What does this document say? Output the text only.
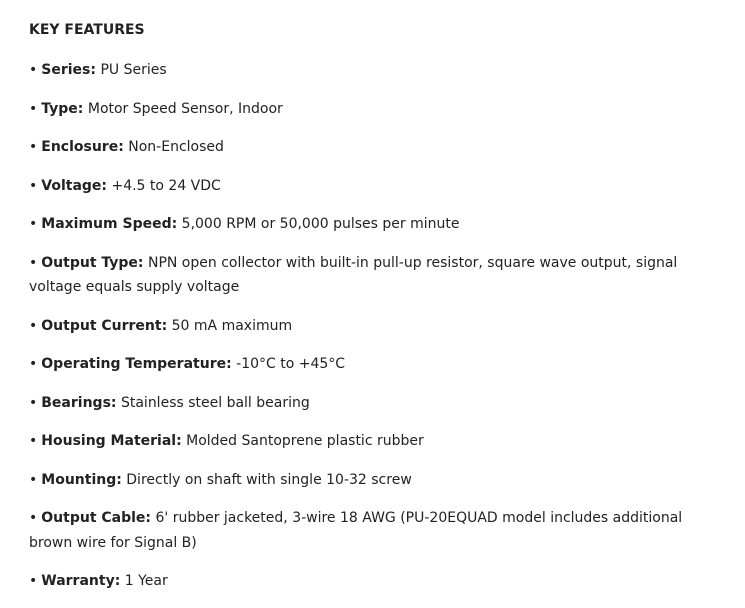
KEY FEATURES
• Series: PU Series
• Type: Motor Speed Sensor, Indoor
• Enclosure: Non-Enclosed
• Voltage: +4.5 to 24 VDC
• Maximum Speed: 5,000 RPM or 50,000 pulses per minute
• Output Type: NPN open collector with built-in pull-up resistor, square wave output, signal voltage equals supply voltage
• Output Current: 50 mA maximum
• Operating Temperature: -10°C to +45°C
• Bearings: Stainless steel ball bearing
• Housing Material: Molded Santoprene plastic rubber
• Mounting: Directly on shaft with single 10-32 screw
• Output Cable: 6' rubber jacketed, 3-wire 18 AWG (PU-20EQUAD model includes additional brown wire for Signal B)
• Warranty: 1 Year
